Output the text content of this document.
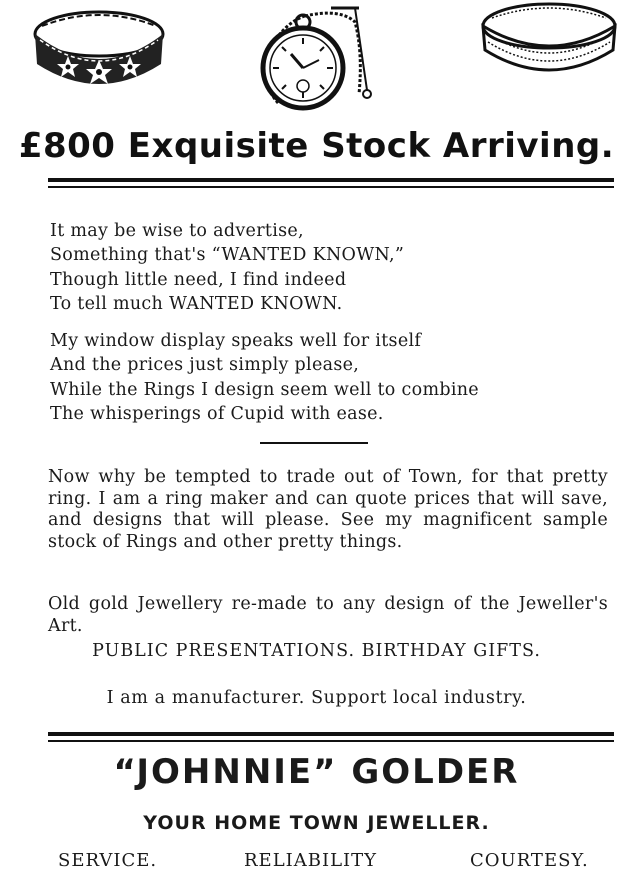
£800 Exquisite Stock Arriving.
It may be wise to advertise,
Something that's “WANTED KNOWN,”
Though little need, I find indeed
To tell much WANTED KNOWN.
My window display speaks well for itself
And the prices just simply please,
While the Rings I design seem well to combine
The whisperings of Cupid with ease.
Now why be tempted to trade out of Town, for that pretty ring. I am a ring maker and can quote prices that will save, and designs that will please. See my magnificent sample stock of Rings and other pretty things.
Old gold Jewellery re-made to any design of the Jeweller's Art.
PUBLIC PRESENTATIONS. BIRTHDAY GIFTS.
I am a manufacturer. Support local industry.
“JOHNNIE” GOLDER
YOUR HOME TOWN JEWELLER.
SERVICE.	RELIABILITY	COURTESY.
